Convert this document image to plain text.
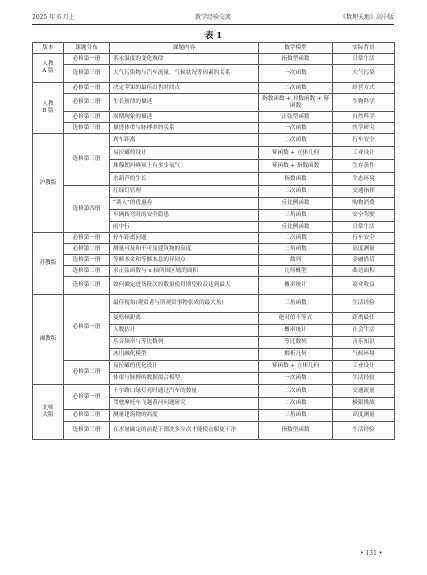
2025 年 6 月上	教学经验交流	《数理天地》高中版
表 1
版本	课题分布	课题内容	数学模型	实际背景
人教
A 版	必修第一册	茶水温度的变化规律	指数型函数	日常生活
	选修第三册	大气污染物与汽车流量、气候状况等因素的关系	一次函数	大气污染
人教
B 版	必修第一册	决定苹果的最佳出售时间点	二次函数	经营方式
	必修第二册	生长规律的描述	指数函数 + 对数函数 + 幂函数	生物科学
	必修第三册	周期现象的描述	正弦型函数	自然科学
	选修第三册	描述体重与脉搏率的关系	一次函数	医学研究
沪教版	选修第三册	刹车距离	二次函数	行车安全
		易拉罐的设计	幂函数 + 立体几何	工业设计
		珠穆朗玛峰顶上有多少氧气	幂函数 + 指数函数	生存条件
		水葫芦的生长	指数函数	生态环境
	选修第四册	红绿灯管理	二次函数	交通指挥
		“诱人”的优惠券	反比例函数	购物消费
		车辆转弯时的安全隐患	三角函数	安全驾驶
		雨中行	反比例函数	日常生活
苏教版	必修第一册	停车距离问题	二次函数	行车安全
	必修第二册	测量可及和不可及建筑物的高度	三角函数	高度测量
	选修第一册	等额本金和等额本息的异同点	数列	金融借贷
	选修第二册	求正弦函数与 x 轴所围区域的面积	几何概型	曲边面积
	选修第三册	如何确定进货批次的数量使得期望收益达到最大	概率统计	商业收益
湘教版	必修第一册	最佳视角(观赏者与所观赏事物张成的最大角)	三角函数	生活经验
		曼哈顿距离	绝对值不等式	距离最佳
		人数估计	概率统计	社会生活
		乐音频率与等比数列	等比数列	音乐知识
		冰川融化模型	解析几何	气候环境
	必修第二册	易拉罐的优化设计	幂函数 + 立体几何	工业设计
		体重与脉搏的数据拟合模型	一次函数	生活经验
北师
大版	必修第一册	十字路口绿灯亮时通过汽车的数量	二次函数	交通流量
		驾驶摩托车飞越黄河问题研究	二次函数	极限挑战
	必修第二册	测量建筑物的高度	三角函数	高度测量
	选修第三册	在水量确定的前提下漂洗多少次才能使衣服更干净	指数型函数	生活经验
• 131 •
